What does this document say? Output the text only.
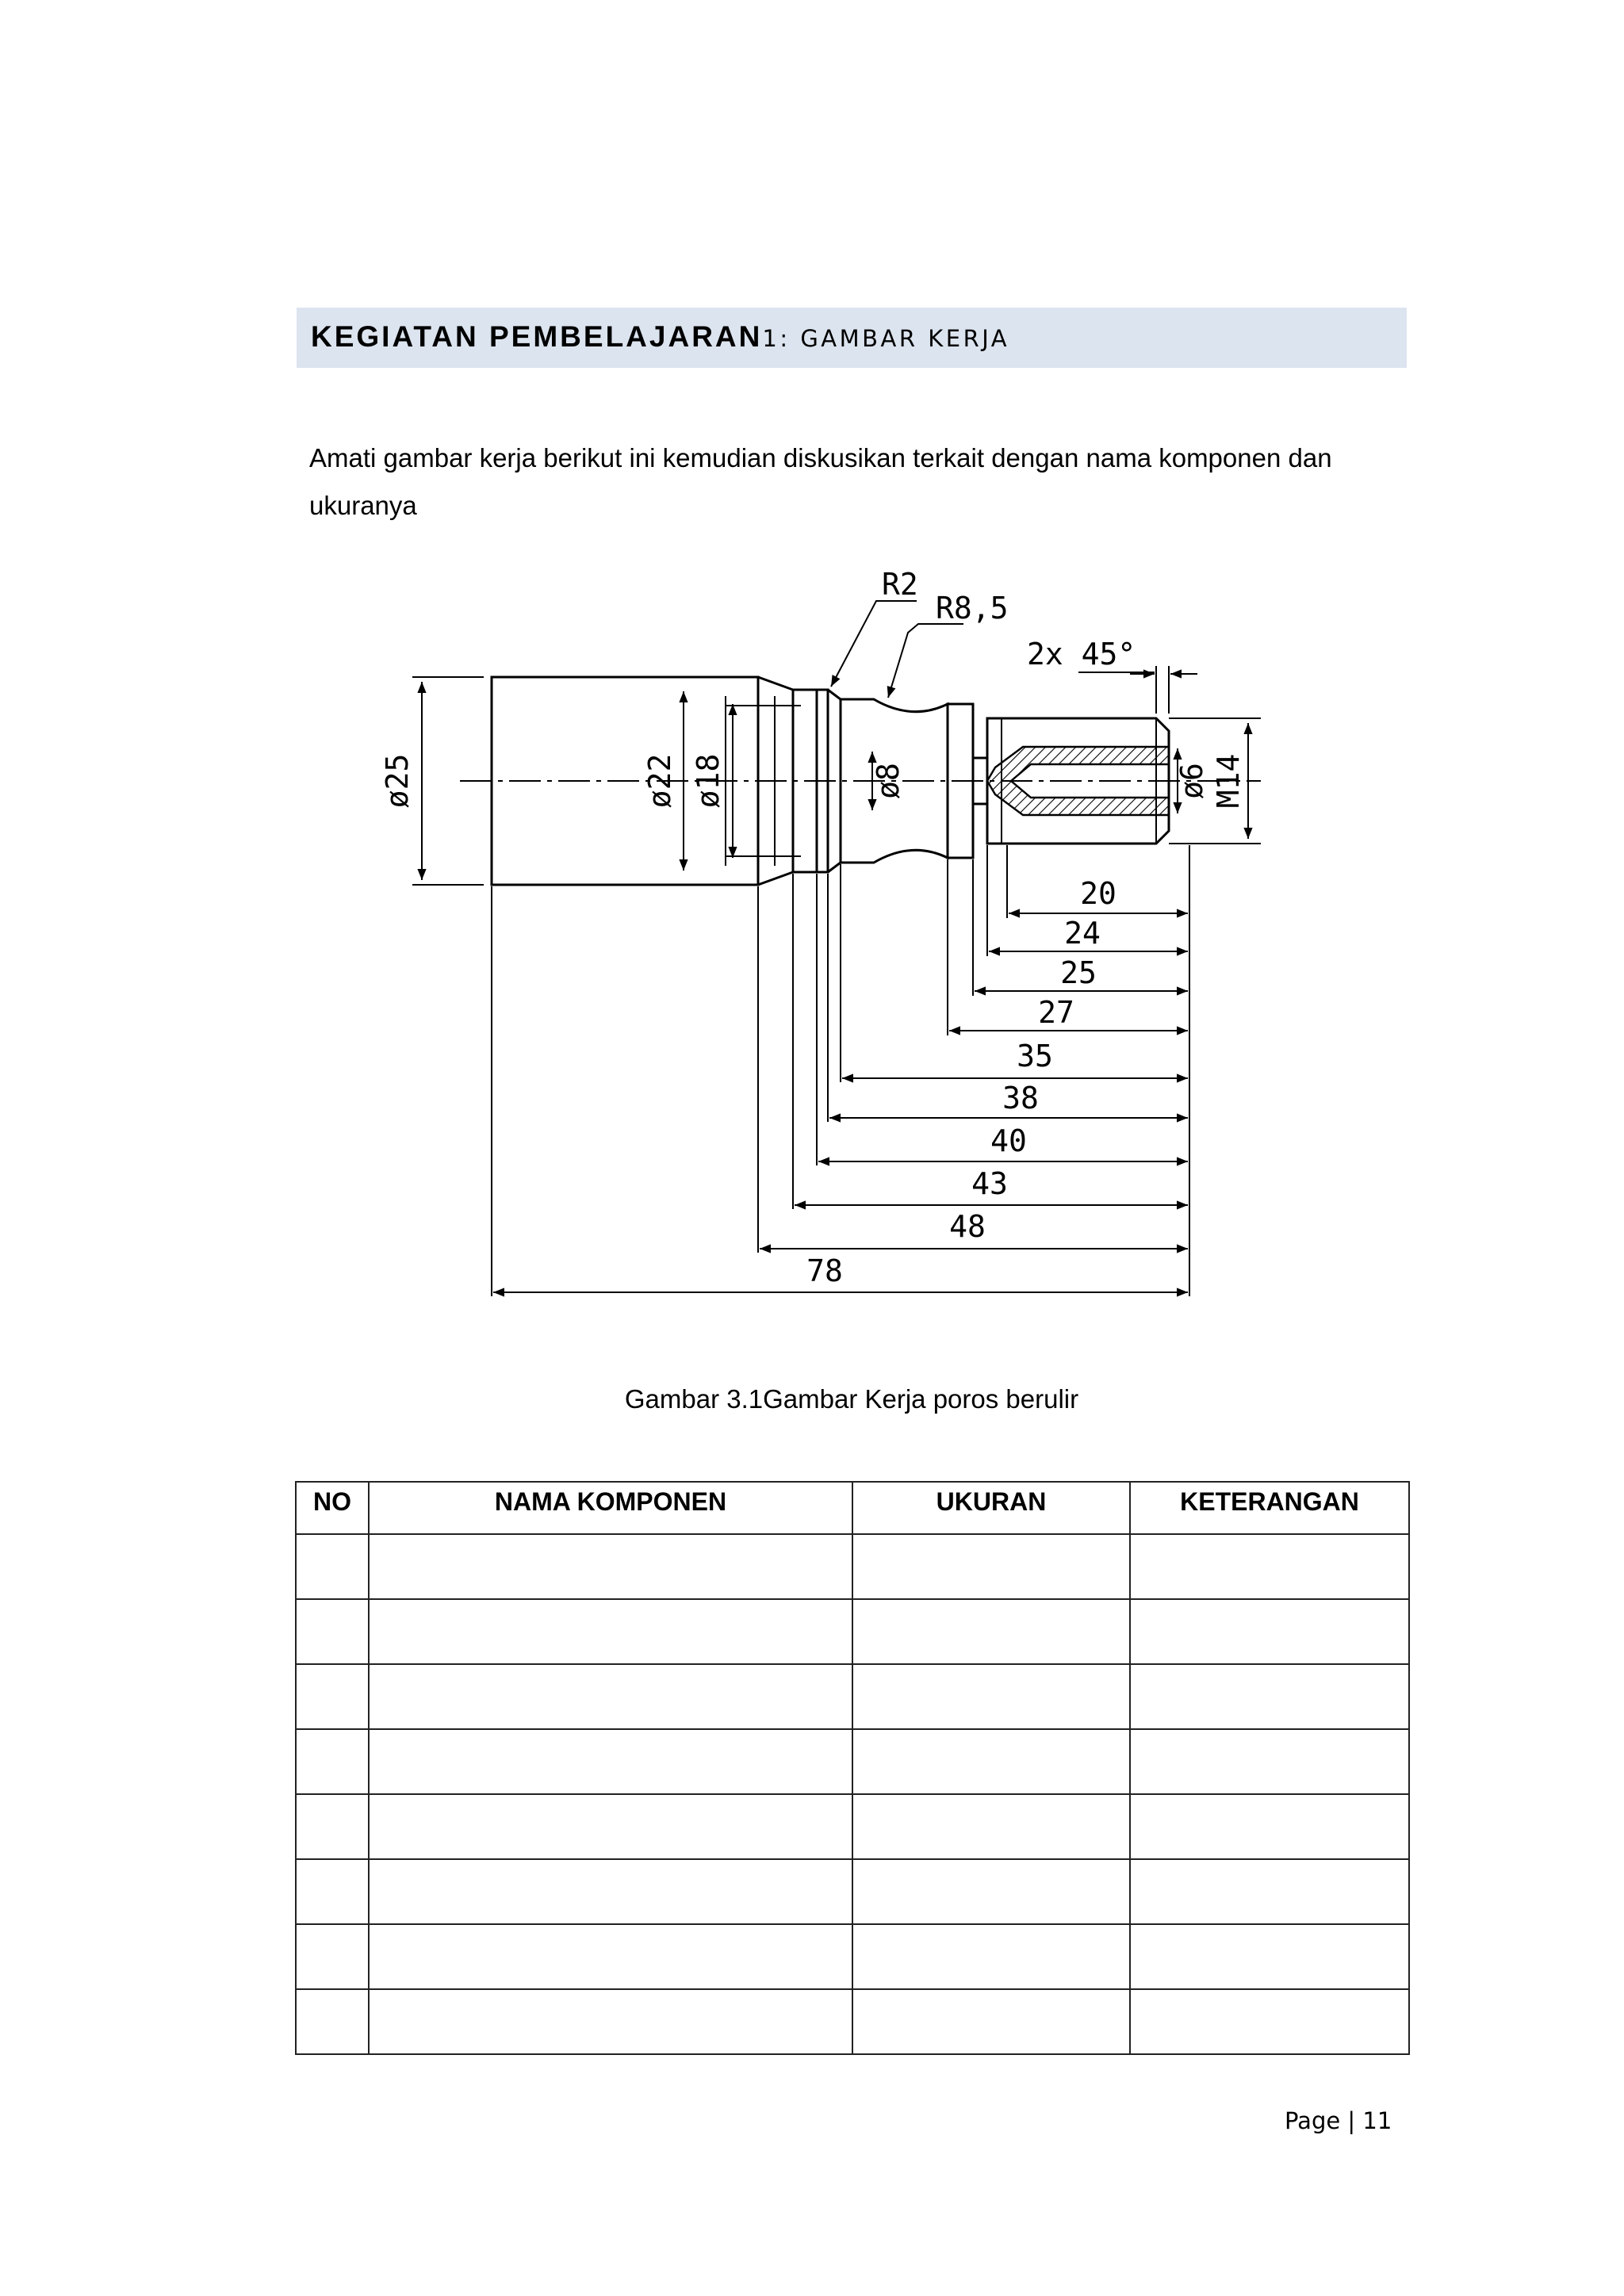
KEGIATAN PEMBELAJARAN1: GAMBAR KERJA
Amati gambar kerja berikut ini kemudian diskusikan terkait dengan nama komponen dan ukuranya
R2
R8,5
2x 45°
ø25	ø22 ø18	ø8	ø6 M14
20
24
25
27
35
38
40
43
48
78
Gambar 3.1Gambar Kerja poros berulir
NO	NAMA KOMPONEN	UKURAN	KETERANGAN

Page | 11
